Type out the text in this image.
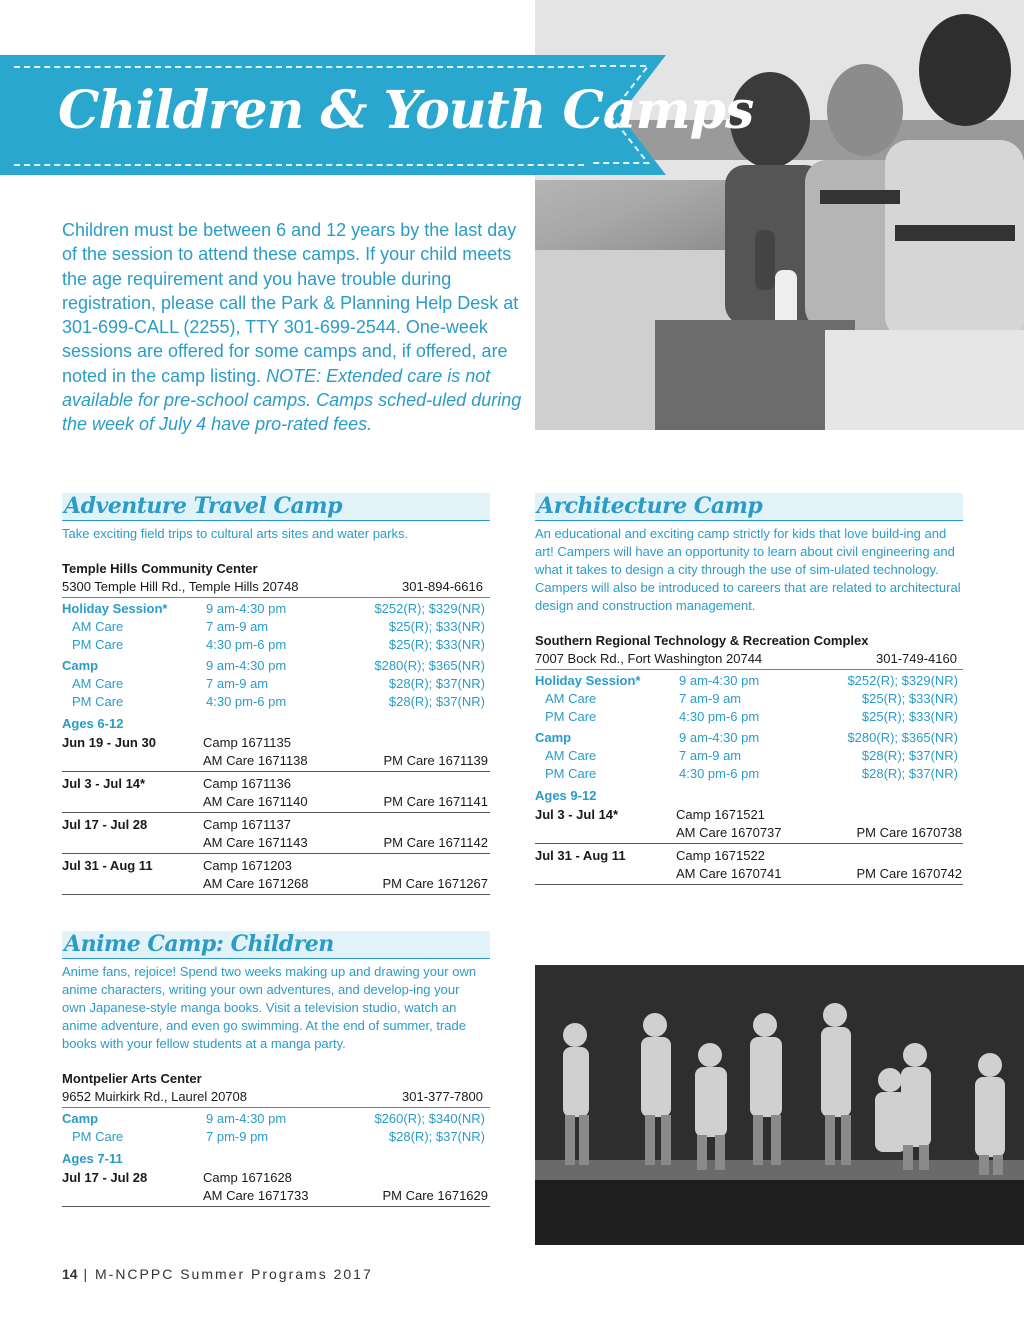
Children & Youth Camps
Children must be between 6 and 12 years by the last day of the session to attend these camps. If your child meets the age requirement and you have trouble during registration, please call the Park & Planning Help Desk at 301-699-CALL (2255), TTY 301-699-2544. One-week sessions are offered for some camps and, if offered, are noted in the camp listing. NOTE: Extended care is not available for pre-school camps. Camps sched-uled during the week of July 4 have pro-rated fees.
Adventure Travel Camp
Take exciting field trips to cultural arts sites and water parks.
Temple Hills Community Center
5300 Temple Hill Rd., Temple Hills 20748	301-894-6616
Holiday Session*	9 am-4:30 pm	$252(R); $329(NR)
AM Care	7 am-9 am	$25(R); $33(NR)
PM Care	4:30 pm-6 pm	$25(R); $33(NR)
Camp	9 am-4:30 pm	$280(R); $365(NR)
AM Care	7 am-9 am	$28(R); $37(NR)
PM Care	4:30 pm-6 pm	$28(R); $37(NR)
Ages 6-12
Jun 19 - Jun 30	Camp 1671135
AM Care 1671138	PM Care 1671139
Jul 3 - Jul 14*	Camp 1671136
AM Care 1671140	PM Care 1671141
Jul 17 - Jul 28	Camp 1671137
AM Care 1671143	PM Care 1671142
Jul 31 - Aug 11	Camp 1671203
AM Care 1671268	PM Care 1671267
Architecture Camp
An educational and exciting camp strictly for kids that love build-ing and art! Campers will have an opportunity to learn about civil engineering and what it takes to design a city through the use of sim-ulated technology. Campers will also be introduced to careers that are related to architectural design and construction management.
Southern Regional Technology & Recreation Complex
7007 Bock Rd., Fort Washington 20744	301-749-4160
Holiday Session*	9 am-4:30 pm	$252(R); $329(NR)
AM Care	7 am-9 am	$25(R); $33(NR)
PM Care	4:30 pm-6 pm	$25(R); $33(NR)
Camp	9 am-4:30 pm	$280(R); $365(NR)
AM Care	7 am-9 am	$28(R); $37(NR)
PM Care	4:30 pm-6 pm	$28(R); $37(NR)
Ages 9-12
Jul 3 - Jul 14*	Camp 1671521
AM Care 1670737	PM Care 1670738
Jul 31 - Aug 11	Camp 1671522
AM Care 1670741	PM Care 1670742
Anime Camp: Children
Anime fans, rejoice! Spend two weeks making up and drawing your own anime characters, writing your own adventures, and develop-ing your own Japanese-style manga books. Visit a television studio, watch an anime adventure, and even go swimming. At the end of summer, trade books with your fellow students at a manga party.
Montpelier Arts Center
9652 Muirkirk Rd., Laurel 20708	301-377-7800
Camp	9 am-4:30 pm	$260(R); $340(NR)
PM Care	7 pm-9 pm	$28(R); $37(NR)
Ages 7-11
Jul 17 - Jul 28	Camp 1671628
AM Care 1671733	PM Care 1671629
14 | M-NCPPC Summer Programs 2017
